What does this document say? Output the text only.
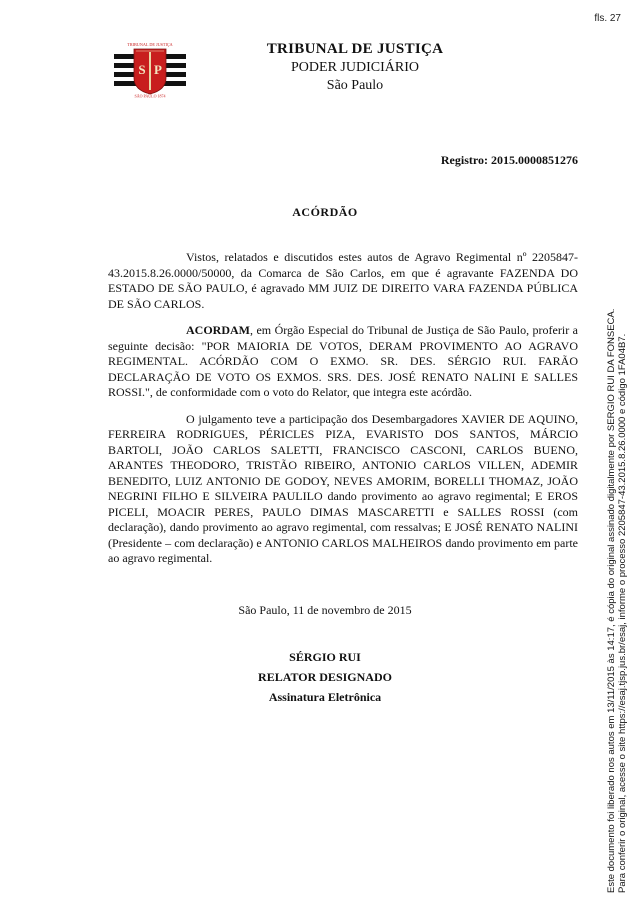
fls. 27
TRIBUNAL DE JUSTIÇA
S P
SÃO PAULO 1874
TRIBUNAL DE JUSTIÇA
PODER JUDICIÁRIO
São Paulo
Registro: 2015.0000851276
ACÓRDÃO

Vistos, relatados e discutidos estes autos de Agravo Regimental nº 2205847-43.2015.8.26.0000/50000, da Comarca de São Carlos, em que é agravante FAZENDA DO ESTADO DE SÃO PAULO, é agravado MM JUIZ DE DIREITO VARA FAZENDA PÚBLICA DE SÃO CARLOS.

ACORDAM, em Órgão Especial do Tribunal de Justiça de São Paulo, proferir a seguinte decisão: "POR MAIORIA DE VOTOS, DERAM PROVIMENTO AO AGRAVO REGIMENTAL. ACÓRDÃO COM O EXMO. SR. DES. SÉRGIO RUI. FARÃO DECLARAÇÃO DE VOTO OS EXMOS. SRS. DES. JOSÉ RENATO NALINI E SALLES ROSSI.", de conformidade com o voto do Relator, que integra este acórdão.

O julgamento teve a participação dos Desembargadores XAVIER DE AQUINO, FERREIRA RODRIGUES, PÉRICLES PIZA, EVARISTO DOS SANTOS, MÁRCIO BARTOLI, JOÃO CARLOS SALETTI, FRANCISCO CASCONI, CARLOS BUENO, ARANTES THEODORO, TRISTÃO RIBEIRO, ANTONIO CARLOS VILLEN, ADEMIR BENEDITO, LUIZ ANTONIO DE GODOY, NEVES AMORIM, BORELLI THOMAZ, JOÃO NEGRINI FILHO E SILVEIRA PAULILO dando provimento ao agravo regimental; E EROS PICELI, MOACIR PERES, PAULO DIMAS MASCARETTI e SALLES ROSSI (com declaração), dando provimento ao agravo regimental, com ressalvas; E JOSÉ RENATO NALINI (Presidente – com declaração) e ANTONIO CARLOS MALHEIROS dando provimento em parte ao agravo regimental.

São Paulo, 11 de novembro de 2015
SÉRGIO RUI
RELATOR DESIGNADO
Assinatura Eletrônica	Este documento foi liberado nos autos em 13/11/2015 às 14:17, é cópia do original assinado digitalmente por SERGIO RUI DA FONSECA. Para conferir o original, acesse o site https://esaj.tjsp.jus.br/esaj, informe o processo 2205847-43.2015.8.26.0000 e código 1FA04B7.
